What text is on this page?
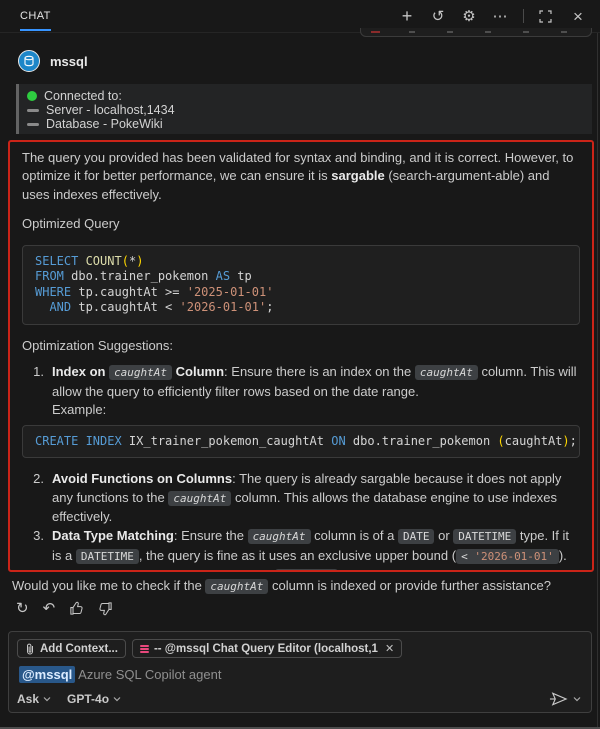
CHAT	+ ↺ ⚙ ⋯	×
mssql
Connected to:
Server - localhost,1434
Database - PokeWiki
The query you provided has been validated for syntax and binding, and it is correct. However, to optimize it for better performance, we can ensure it is sargable (search-argument-able) and uses indexes effectively.
Optimized Query
SELECT COUNT(*)
FROM dbo.trainer_pokemon AS tp
WHERE tp.caughtAt >= '2025-01-01'
AND tp.caughtAt < '2026-01-01';
Optimization Suggestions:
1. Index on caughtAt Column: Ensure there is an index on the caughtAt column. This will allow the query to efficiently filter rows based on the date range.
Example:
CREATE INDEX IX_trainer_pokemon_caughtAt ON dbo.trainer_pokemon (caughtAt);
2. Avoid Functions on Columns: The query is already sargable because it does not apply any functions to the caughtAt column. This allows the database engine to use indexes effectively.
3. Data Type Matching: Ensure the caughtAt column is of a DATE or DATETIME type. If it is a DATETIME , the query is fine as it uses an exclusive upper bound ( < '2026-01-01' ).
Would you like me to check if the caughtAt column is indexed or provide further assistance?
↻ ↶
Add Context...	-- @mssql Chat Query Editor (localhost,1 ✕
@mssql Azure SQL Copilot agent
Ask GPT-4o
